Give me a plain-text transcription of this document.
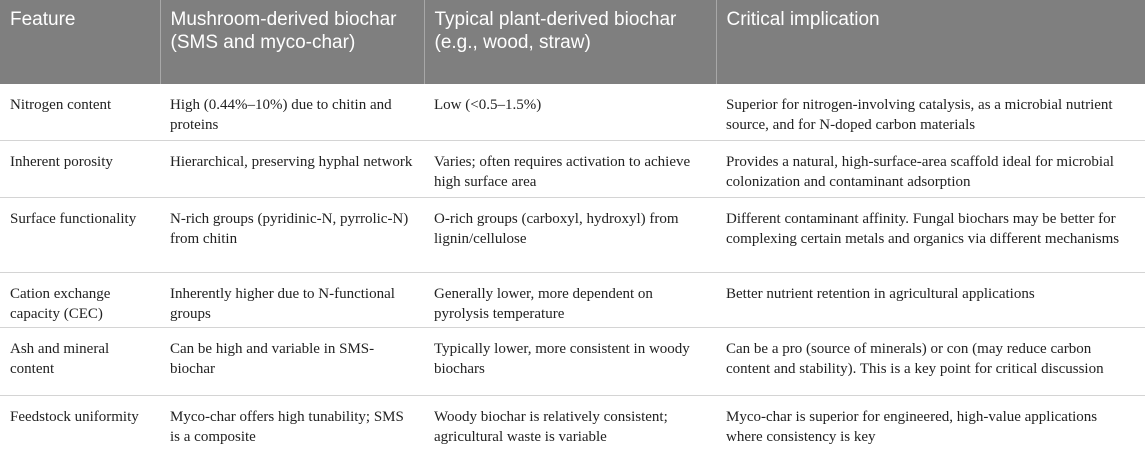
Feature	Mushroom-derived biochar (SMS and myco-char)	Typical plant-derived biochar (e.g., wood, straw)	Critical implication
Nitrogen content	High (0.44%–10%) due to chitin and proteins	Low (<0.5–1.5%)	Superior for nitrogen-involving catalysis, as a microbial nutrient source, and for N-doped carbon materials
Inherent porosity	Hierarchical, preserving hyphal network	Varies; often requires activation to achieve high surface area	Provides a natural, high-surface-area scaffold ideal for microbial colonization and contaminant adsorption
Surface functionality	N-rich groups (pyridinic-N, pyrrolic-N) from chitin	O-rich groups (carboxyl, hydroxyl) from lignin/cellulose	Different contaminant affinity. Fungal biochars may be better for complexing certain metals and organics via different mechanisms
Cation exchange capacity (CEC)	Inherently higher due to N-functional groups	Generally lower, more dependent on pyrolysis temperature	Better nutrient retention in agricultural applications
Ash and mineral content	Can be high and variable in SMS-biochar	Typically lower, more consistent in woody biochars	Can be a pro (source of minerals) or con (may reduce carbon content and stability). This is a key point for critical discussion
Feedstock uniformity	Myco-char offers high tunability; SMS is a composite	Woody biochar is relatively consistent; agricultural waste is variable	Myco-char is superior for engineered, high-value applications where consistency is key
